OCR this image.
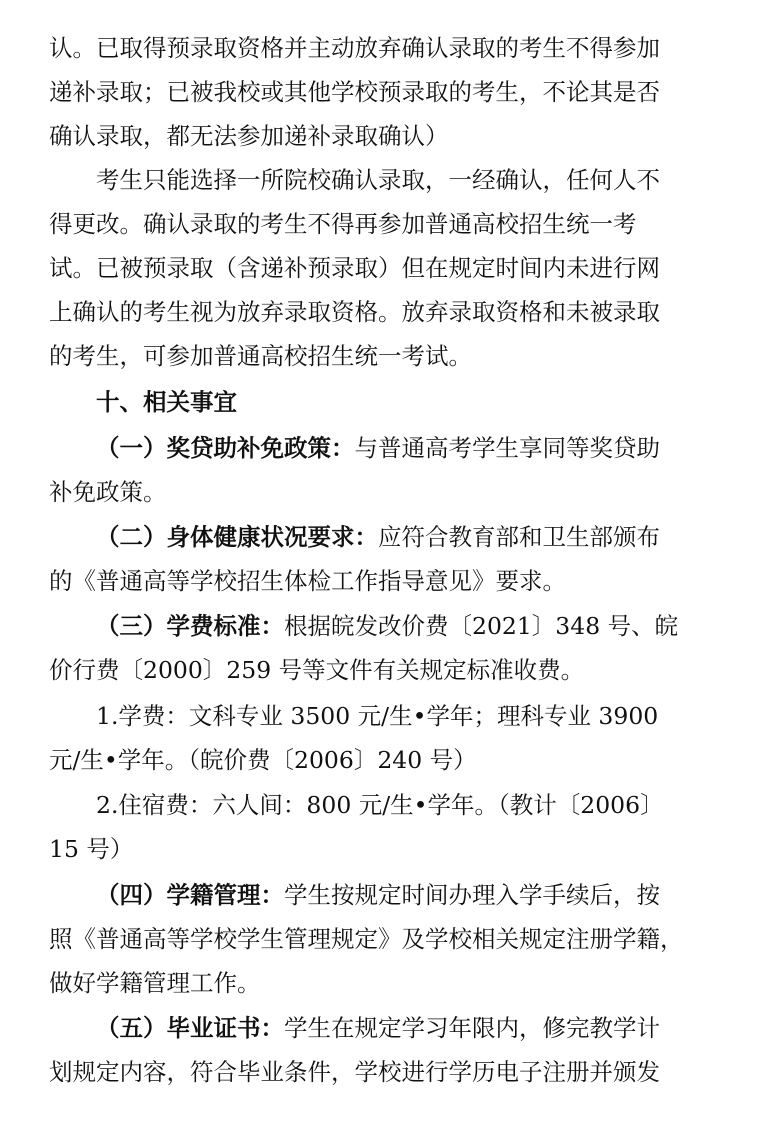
认。已取得预录取资格并主动放弃确认录取的考生不得参加
递补录取；已被我校或其他学校预录取的考生，不论其是否
确认录取，都无法参加递补录取确认）
考生只能选择一所院校确认录取，一经确认，任何人不
得更改。确认录取的考生不得再参加普通高校招生统一考
试。已被预录取（含递补预录取）但在规定时间内未进行网
上确认的考生视为放弃录取资格。放弃录取资格和未被录取
的考生，可参加普通高校招生统一考试。
十、相关事宜
（一）奖贷助补免政策：与普通高考学生享同等奖贷助
补免政策。
（二）身体健康状况要求：应符合教育部和卫生部颁布
的《普通高等学校招生体检工作指导意见》要求。
（三）学费标准：根据皖发改价费〔2021〕348 号、皖
价行费〔2000〕259 号等文件有关规定标准收费。
1.学费：文科专业 3500 元/生•学年；理科专业 3900
元/生•学年。（皖价费〔2006〕240 号）
2.住宿费：六人间：800 元/生•学年。（教计〔2006〕
15 号）
（四）学籍管理：学生按规定时间办理入学手续后，按
照《普通高等学校学生管理规定》及学校相关规定注册学籍，
做好学籍管理工作。
（五）毕业证书：学生在规定学习年限内，修完教学计
划规定内容，符合毕业条件，学校进行学历电子注册并颁发
